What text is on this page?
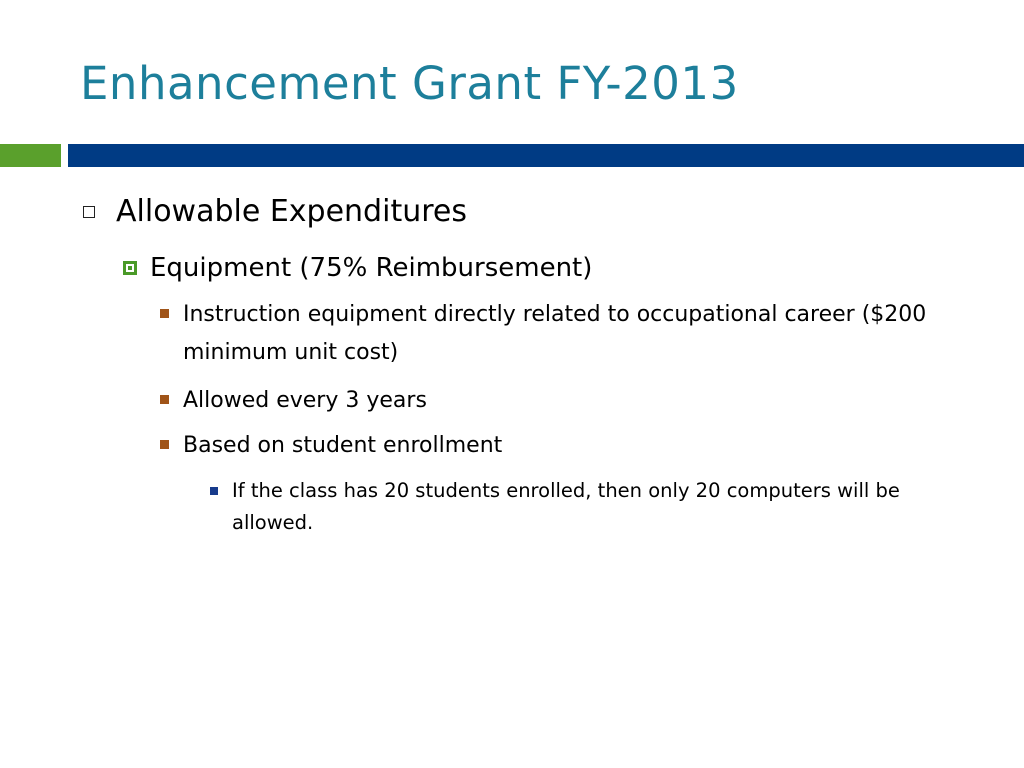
Enhancement Grant FY-2013
Allowable Expenditures
Equipment (75% Reimbursement)
Instruction equipment directly related to occupational career ($200 minimum unit cost)
Allowed every 3 years
Based on student enrollment
If the class has 20 students enrolled, then only 20 computers will be allowed.
